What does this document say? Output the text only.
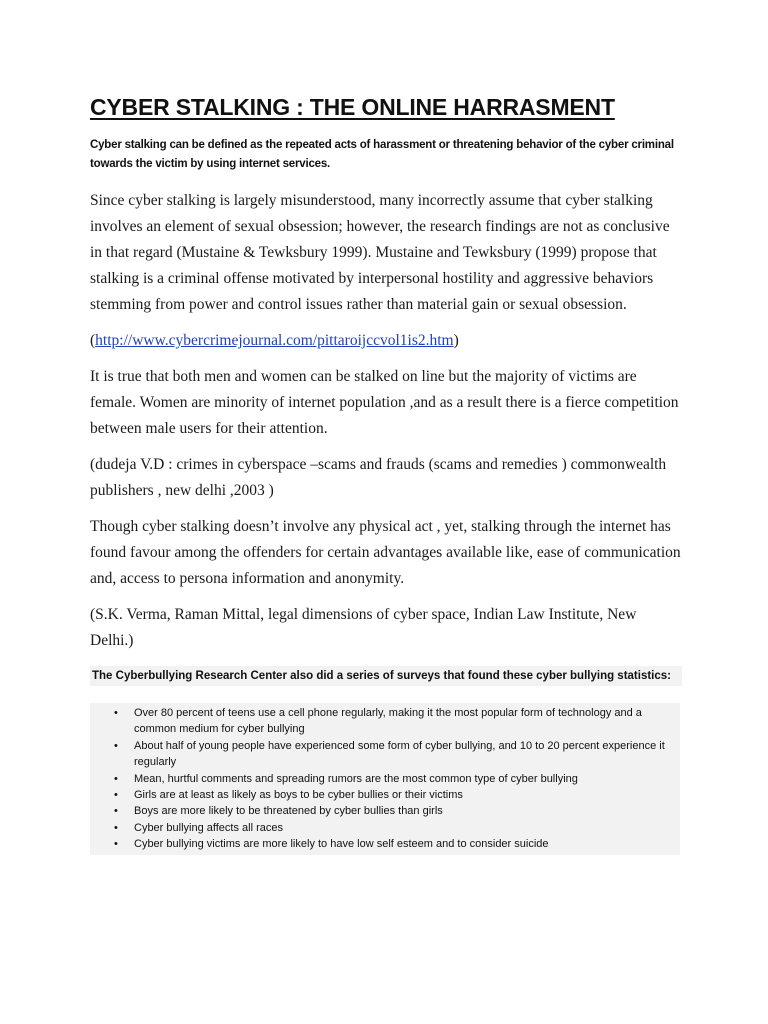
CYBER STALKING : THE ONLINE HARRASMENT

Cyber stalking can be defined as the repeated acts of harassment or threatening behavior of the cyber criminal towards the victim by using internet services.

Since cyber stalking is largely misunderstood, many incorrectly assume that cyber stalking involves an element of sexual obsession; however, the research findings are not as conclusive in that regard (Mustaine & Tewksbury 1999). Mustaine and Tewksbury (1999) propose that stalking is a criminal offense motivated by interpersonal hostility and aggressive behaviors stemming from power and control issues rather than material gain or sexual obsession.

(http://www.cybercrimejournal.com/pittaroijccvol1is2.htm)

It is true that both men and women can be stalked on line but the majority of victims are female. Women are minority of internet population ,and as a result there is a fierce competition between male users for their attention.

(dudeja V.D : crimes in cyberspace –scams and frauds (scams and remedies ) commonwealth publishers , new delhi ,2003 )

Though cyber stalking doesn’t involve any physical act , yet, stalking through the internet has found favour among the offenders for certain advantages available like, ease of communication and, access to persona information and anonymity.

(S.K. Verma, Raman Mittal, legal dimensions of cyber space, Indian Law Institute, New Delhi.)

The Cyberbullying Research Center also did a series of surveys that found these cyber bullying statistics:
• Over 80 percent of teens use a cell phone regularly, making it the most popular form of technology and a common medium for cyber bullying
• About half of young people have experienced some form of cyber bullying, and 10 to 20 percent experience it regularly
• Mean, hurtful comments and spreading rumors are the most common type of cyber bullying
• Girls are at least as likely as boys to be cyber bullies or their victims
• Boys are more likely to be threatened by cyber bullies than girls
• Cyber bullying affects all races
• Cyber bullying victims are more likely to have low self esteem and to consider suicide
